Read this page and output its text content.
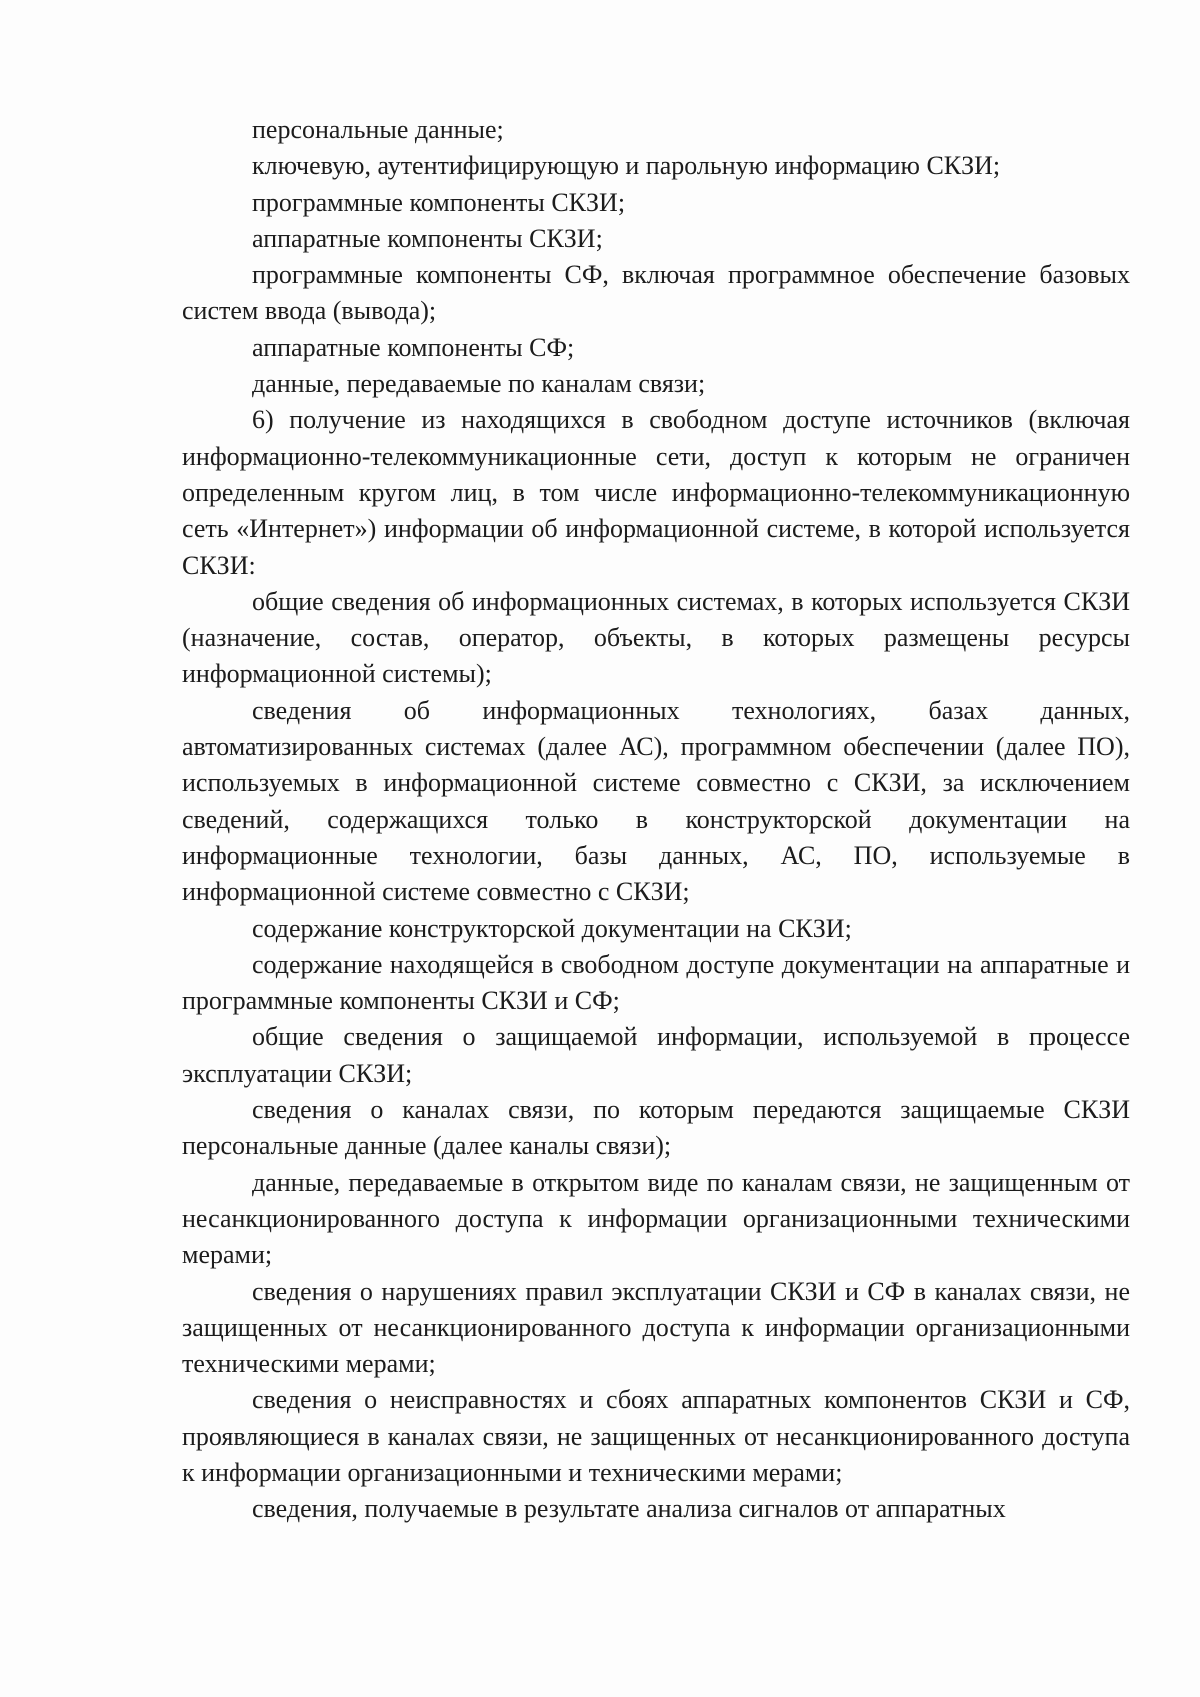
персональные данные;

ключевую, аутентифицирующую и парольную информацию СКЗИ;

программные компоненты СКЗИ;

аппаратные компоненты СКЗИ;

программные компоненты СФ, включая программное обеспечение базовых систем ввода (вывода);

аппаратные компоненты СФ;

данные, передаваемые по каналам связи;

6) получение из находящихся в свободном доступе источников (включая информационно-телекоммуникационные сети, доступ к которым не ограничен определенным кругом лиц, в том числе информационно-телекоммуникационную сеть «Интернет») информации об информационной системе, в которой используется СКЗИ:

общие сведения об информационных системах, в которых используется СКЗИ (назначение, состав, оператор, объекты, в которых размещены ресурсы информационной системы);

сведения об информационных технологиях, базах данных, автоматизированных системах (далее АС), программном обеспечении (далее ПО), используемых в информационной системе совместно с СКЗИ, за исключением сведений, содержащихся только в конструкторской документации на информационные технологии, базы данных, АС, ПО, используемые в информационной системе совместно с СКЗИ;

содержание конструкторской документации на СКЗИ;

содержание находящейся в свободном доступе документации на аппаратные и программные компоненты СКЗИ и СФ;

общие сведения о защищаемой информации, используемой в процессе эксплуатации СКЗИ;

сведения о каналах связи, по которым передаются защищаемые СКЗИ персональные данные (далее каналы связи);

данные, передаваемые в открытом виде по каналам связи, не защищенным от несанкционированного доступа к информации организационными техническими мерами;

сведения о нарушениях правил эксплуатации СКЗИ и СФ в каналах связи, не защищенных от несанкционированного доступа к информации организационными техническими мерами;

сведения о неисправностях и сбоях аппаратных компонентов СКЗИ и СФ, проявляющиеся в каналах связи, не защищенных от несанкционированного доступа к информации организационными и техническими мерами;

сведения, получаемые в результате анализа сигналов от аппаратных
